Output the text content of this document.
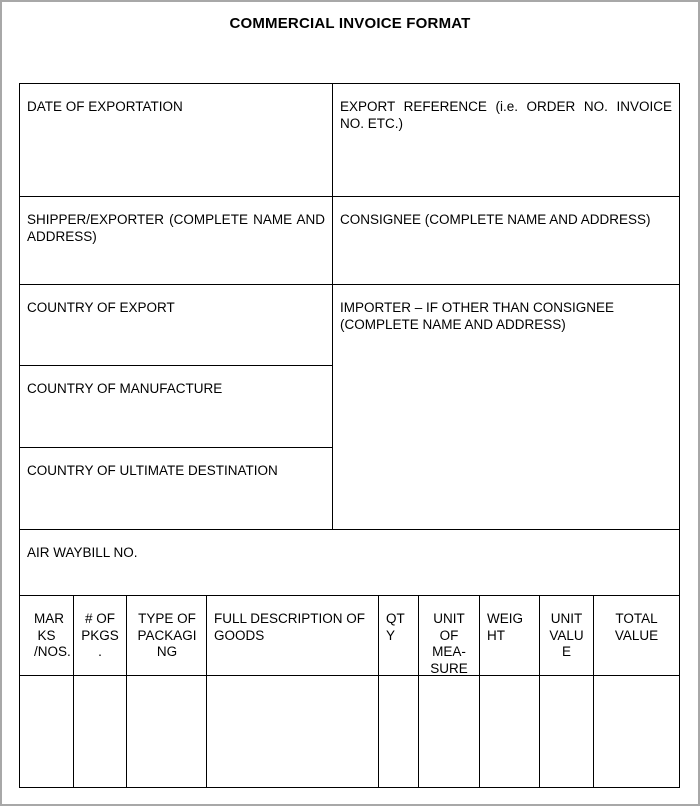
COMMERCIAL INVOICE FORMAT
DATE OF EXPORTATION	EXPORT REFERENCE (i.e. ORDER NO. INVOICE NO. ETC.)
SHIPPER/EXPORTER (COMPLETE NAME AND ADDRESS)
CONSIGNEE (COMPLETE NAME AND ADDRESS)
COUNTRY OF EXPORT
COUNTRY OF MANUFACTURE
COUNTRY OF ULTIMATE DESTINATION
IMPORTER – IF OTHER THAN CONSIGNEE (COMPLETE NAME AND ADDRESS)
AIR WAYBILL NO.
MAR KS /NOS.
# OF PKGS .
TYPE OF PACKAGI NG
FULL DESCRIPTION OF GOODS
QT Y
UNIT OF MEA-SURE
WEIG HT
UNIT VALU E
TOTAL VALUE
